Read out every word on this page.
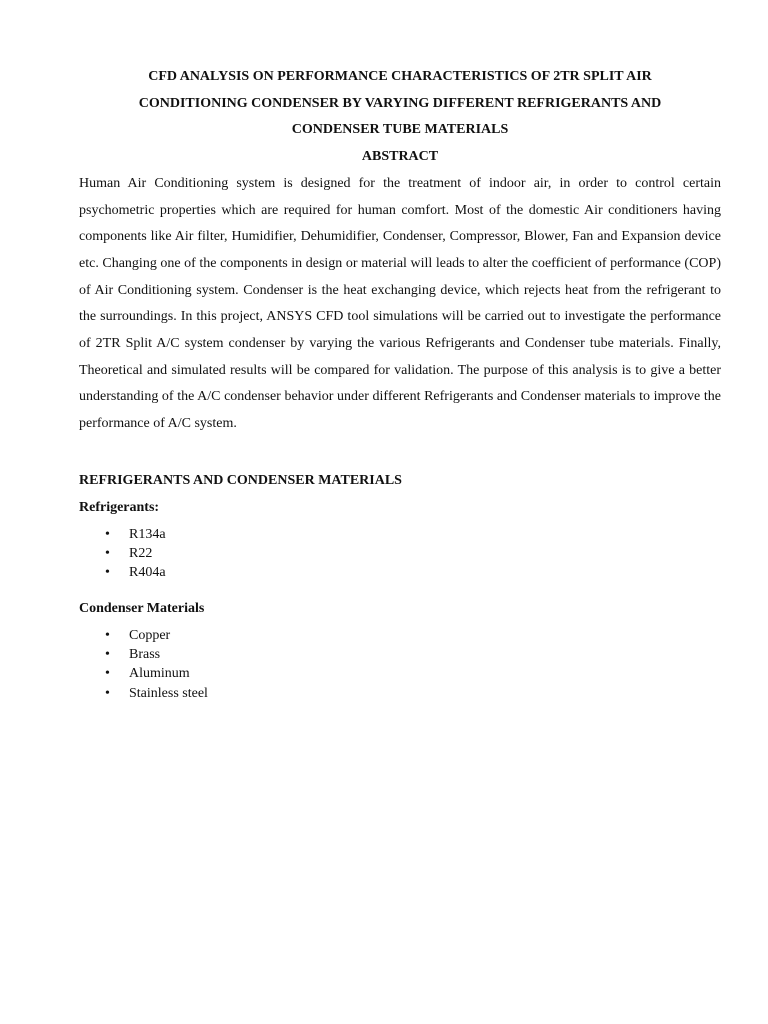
CFD ANALYSIS ON PERFORMANCE CHARACTERISTICS OF 2TR SPLIT AIR

CONDITIONING CONDENSER BY VARYING DIFFERENT REFRIGERANTS AND

CONDENSER TUBE MATERIALS

ABSTRACT

Human Air Conditioning system is designed for the treatment of indoor air, in order to control certain psychometric properties which are required for human comfort. Most of the domestic Air conditioners having components like Air filter, Humidifier, Dehumidifier, Condenser, Compressor, Blower, Fan and Expansion device etc. Changing one of the components in design or material will leads to alter the coefficient of performance (COP) of Air Conditioning system. Condenser is the heat exchanging device, which rejects heat from the refrigerant to the surroundings. In this project, ANSYS CFD tool simulations will be carried out to investigate the performance of 2TR Split A/C system condenser by varying the various Refrigerants and Condenser tube materials. Finally, Theoretical and simulated results will be compared for validation. The purpose of this analysis is to give a better understanding of the A/C condenser behavior under different Refrigerants and Condenser materials to improve the performance of A/C system.

REFRIGERANTS AND CONDENSER MATERIALS

Refrigerants:

• R134a
• R22
• R404a

Condenser Materials

• Copper
• Brass
• Aluminum
• Stainless steel
